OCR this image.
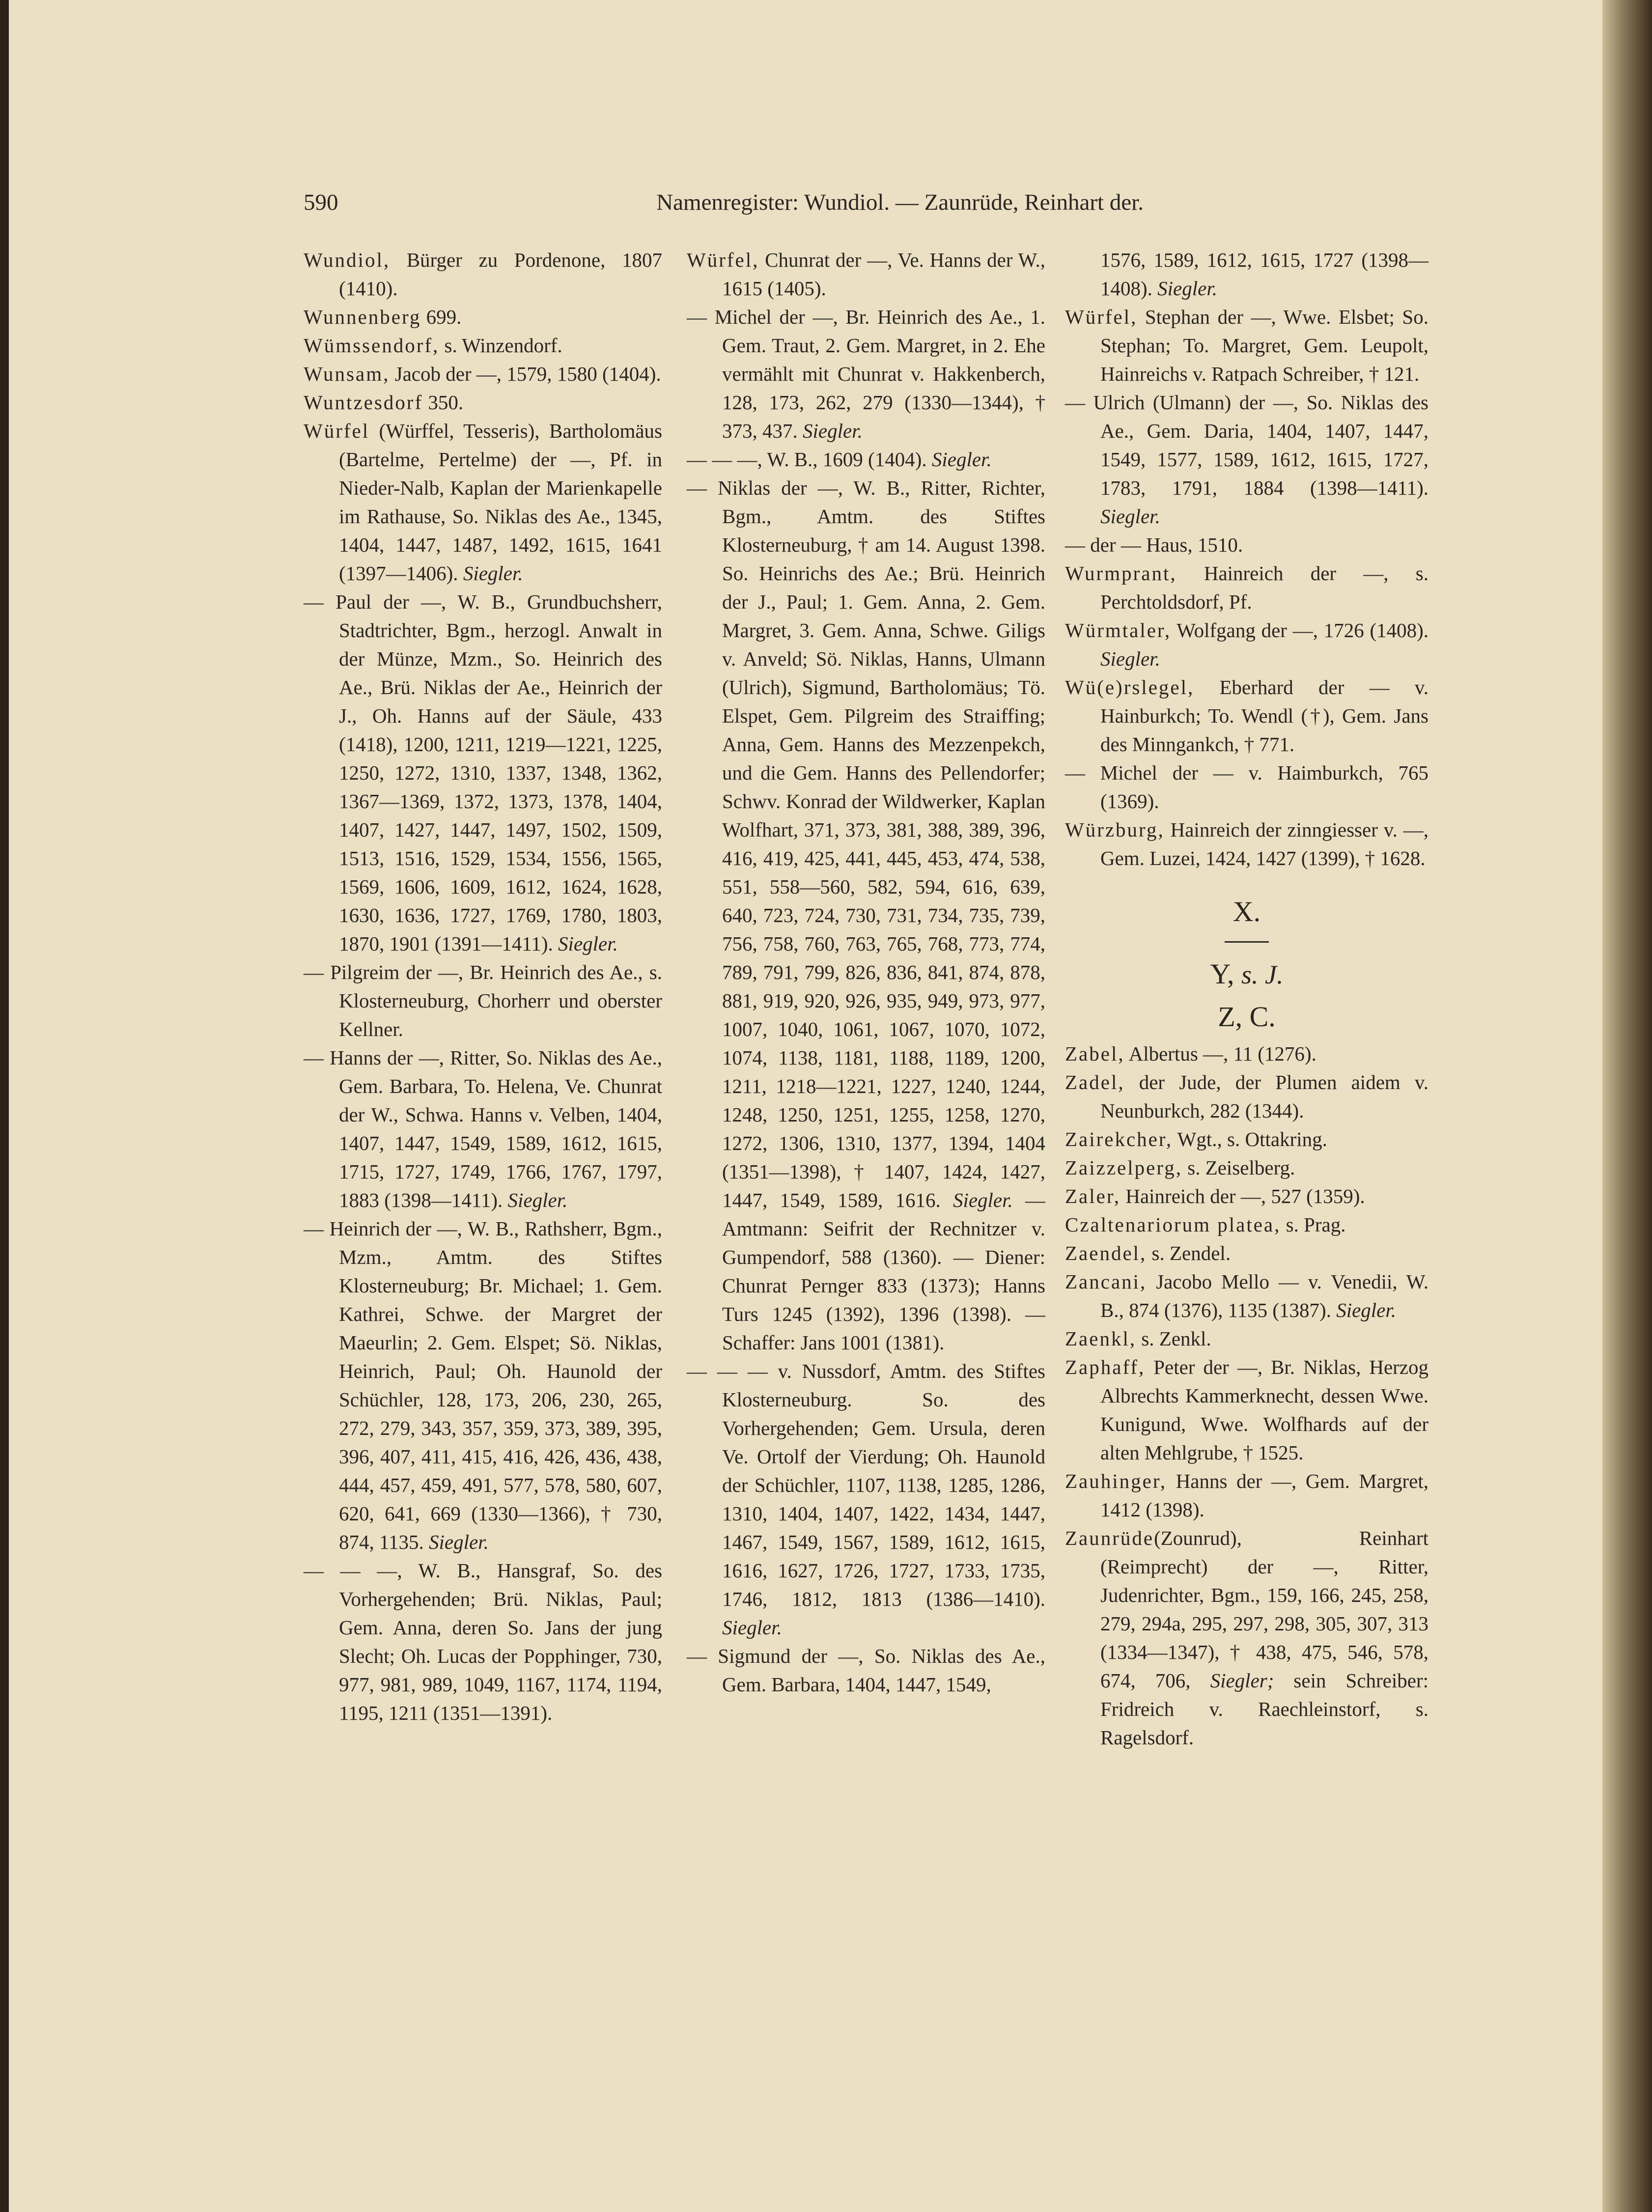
590	Namenregister: Wundiol. — Zaunrüde, Reinhart der.
Wundiol, Bürger zu Pordenone, 1807 (1410).
Wunnenberg 699.
Wümssendorf, s. Winzendorf.
Wunsam, Jacob der —, 1579, 1580 (1404).
Wuntzesdorf 350.
Würfel (Würffel, Tesseris), Bartholomäus (Bartelme, Pertelme) der —, Pf. in Nieder-Nalb, Kaplan der Marienkapelle im Rathause, So. Niklas des Ae., 1345, 1404, 1447, 1487, 1492, 1615, 1641 (1397—1406). Siegler.
— Paul der —, W. B., Grundbuchsherr, Stadtrichter, Bgm., herzogl. Anwalt in der Münze, Mzm., So. Heinrich des Ae., Brü. Niklas der Ae., Heinrich der J., Oh. Hanns auf der Säule, 433 (1418), 1200, 1211, 1219—1221, 1225, 1250, 1272, 1310, 1337, 1348, 1362, 1367—1369, 1372, 1373, 1378, 1404, 1407, 1427, 1447, 1497, 1502, 1509, 1513, 1516, 1529, 1534, 1556, 1565, 1569, 1606, 1609, 1612, 1624, 1628, 1630, 1636, 1727, 1769, 1780, 1803, 1870, 1901 (1391—1411). Siegler.
— Pilgreim der —, Br. Heinrich des Ae., s. Klosterneuburg, Chorherr und oberster Kellner.
— Hanns der —, Ritter, So. Niklas des Ae., Gem. Barbara, To. Helena, Ve. Chunrat der W., Schwa. Hanns v. Velben, 1404, 1407, 1447, 1549, 1589, 1612, 1615, 1715, 1727, 1749, 1766, 1767, 1797, 1883 (1398—1411). Siegler.
— Heinrich der —, W. B., Rathsherr, Bgm., Mzm., Amtm. des Stiftes Klosterneuburg; Br. Michael; 1. Gem. Kathrei, Schwe. der Margret der Maeurlin; 2. Gem. Elspet; Sö. Niklas, Heinrich, Paul; Oh. Haunold der Schüchler, 128, 173, 206, 230, 265, 272, 279, 343, 357, 359, 373, 389, 395, 396, 407, 411, 415, 416, 426, 436, 438, 444, 457, 459, 491, 577, 578, 580, 607, 620, 641, 669 (1330—1366), † 730, 874, 1135. Siegler.
— — —, W. B., Hansgraf, So. des Vorhergehenden; Brü. Niklas, Paul; Gem. Anna, deren So. Jans der jung Slecht; Oh. Lucas der Popphinger, 730, 977, 981, 989, 1049, 1167, 1174, 1194, 1195, 1211 (1351—1391).
Würfel, Chunrat der —, Ve. Hanns der W., 1615 (1405).
— Michel der —, Br. Heinrich des Ae., 1. Gem. Traut, 2. Gem. Margret, in 2. Ehe vermählt mit Chunrat v. Hakkenberch, 128, 173, 262, 279 (1330—1344), † 373, 437. Siegler.
— — —, W. B., 1609 (1404). Siegler.
— Niklas der —, W. B., Ritter, Richter, Bgm., Amtm. des Stiftes Klosterneuburg, † am 14. August 1398. So. Heinrichs des Ae.; Brü. Heinrich der J., Paul; 1. Gem. Anna, 2. Gem. Margret, 3. Gem. Anna, Schwe. Giligs v. Anveld; Sö. Niklas, Hanns, Ulmann (Ulrich), Sigmund, Bartholomäus; Tö. Elspet, Gem. Pilgreim des Straiffing; Anna, Gem. Hanns des Mezzenpekch, und die Gem. Hanns des Pellendorfer; Schwv. Konrad der Wildwerker, Kaplan Wolfhart, 371, 373, 381, 388, 389, 396, 416, 419, 425, 441, 445, 453, 474, 538, 551, 558—560, 582, 594, 616, 639, 640, 723, 724, 730, 731, 734, 735, 739, 756, 758, 760, 763, 765, 768, 773, 774, 789, 791, 799, 826, 836, 841, 874, 878, 881, 919, 920, 926, 935, 949, 973, 977, 1007, 1040, 1061, 1067, 1070, 1072, 1074, 1138, 1181, 1188, 1189, 1200, 1211, 1218—1221, 1227, 1240, 1244, 1248, 1250, 1251, 1255, 1258, 1270, 1272, 1306, 1310, 1377, 1394, 1404 (1351—1398), † 1407, 1424, 1427, 1447, 1549, 1589, 1616. Siegler. — Amtmann: Seifrit der Rechnitzer v. Gumpendorf, 588 (1360). — Diener: Chunrat Pernger 833 (1373); Hanns Turs 1245 (1392), 1396 (1398). — Schaffer: Jans 1001 (1381).
— — — v. Nussdorf, Amtm. des Stiftes Klosterneuburg. So. des Vorhergehenden; Gem. Ursula, deren Ve. Ortolf der Vierdung; Oh. Haunold der Schüchler, 1107, 1138, 1285, 1286, 1310, 1404, 1407, 1422, 1434, 1447, 1467, 1549, 1567, 1589, 1612, 1615, 1616, 1627, 1726, 1727, 1733, 1735, 1746, 1812, 1813 (1386—1410). Siegler.
— Sigmund der —, So. Niklas des Ae., Gem. Barbara, 1404, 1447, 1549,
1576, 1589, 1612, 1615, 1727 (1398—1408). Siegler.
Würfel, Stephan der —, Wwe. Elsbet; So. Stephan; To. Margret, Gem. Leupolt, Hainreichs v. Ratpach Schreiber, † 121.
— Ulrich (Ulmann) der —, So. Niklas des Ae., Gem. Daria, 1404, 1407, 1447, 1549, 1577, 1589, 1612, 1615, 1727, 1783, 1791, 1884 (1398—1411). Siegler.
— der — Haus, 1510.
Wurmprant, Hainreich der —, s. Perchtoldsdorf, Pf.
Würmtaler, Wolfgang der —, 1726 (1408). Siegler.
Wü(e)rslegel, Eberhard der — v. Hainburkch; To. Wendl (†), Gem. Jans des Minngankch, † 771.
— Michel der — v. Haimburkch, 765 (1369).
Würzburg, Hainreich der zinngiesser v. —, Gem. Luzei, 1424, 1427 (1399), † 1628.
X.
Y, s. J.
Z, C.
Zabel, Albertus —, 11 (1276).
Zadel, der Jude, der Plumen aidem v. Neunburkch, 282 (1344).
Zairekcher, Wgt., s. Ottakring.
Zaizzelperg, s. Zeiselberg.
Zaler, Hainreich der —, 527 (1359).
Czaltenariorum platea, s. Prag.
Zaendel, s. Zendel.
Zancani, Jacobo Mello — v. Venedii, W. B., 874 (1376), 1135 (1387). Siegler.
Zaenkl, s. Zenkl.
Zaphaff, Peter der —, Br. Niklas, Herzog Albrechts Kammerknecht, dessen Wwe. Kunigund, Wwe. Wolfhards auf der alten Mehlgrube, † 1525.
Zauhinger, Hanns der —, Gem. Margret, 1412 (1398).
Zaunrüde(Zounrud), Reinhart (Reimprecht) der —, Ritter, Judenrichter, Bgm., 159, 166, 245, 258, 279, 294a, 295, 297, 298, 305, 307, 313 (1334—1347), † 438, 475, 546, 578, 674, 706, Siegler; sein Schreiber: Fridreich v. Raechleinstorf, s. Ragelsdorf.
